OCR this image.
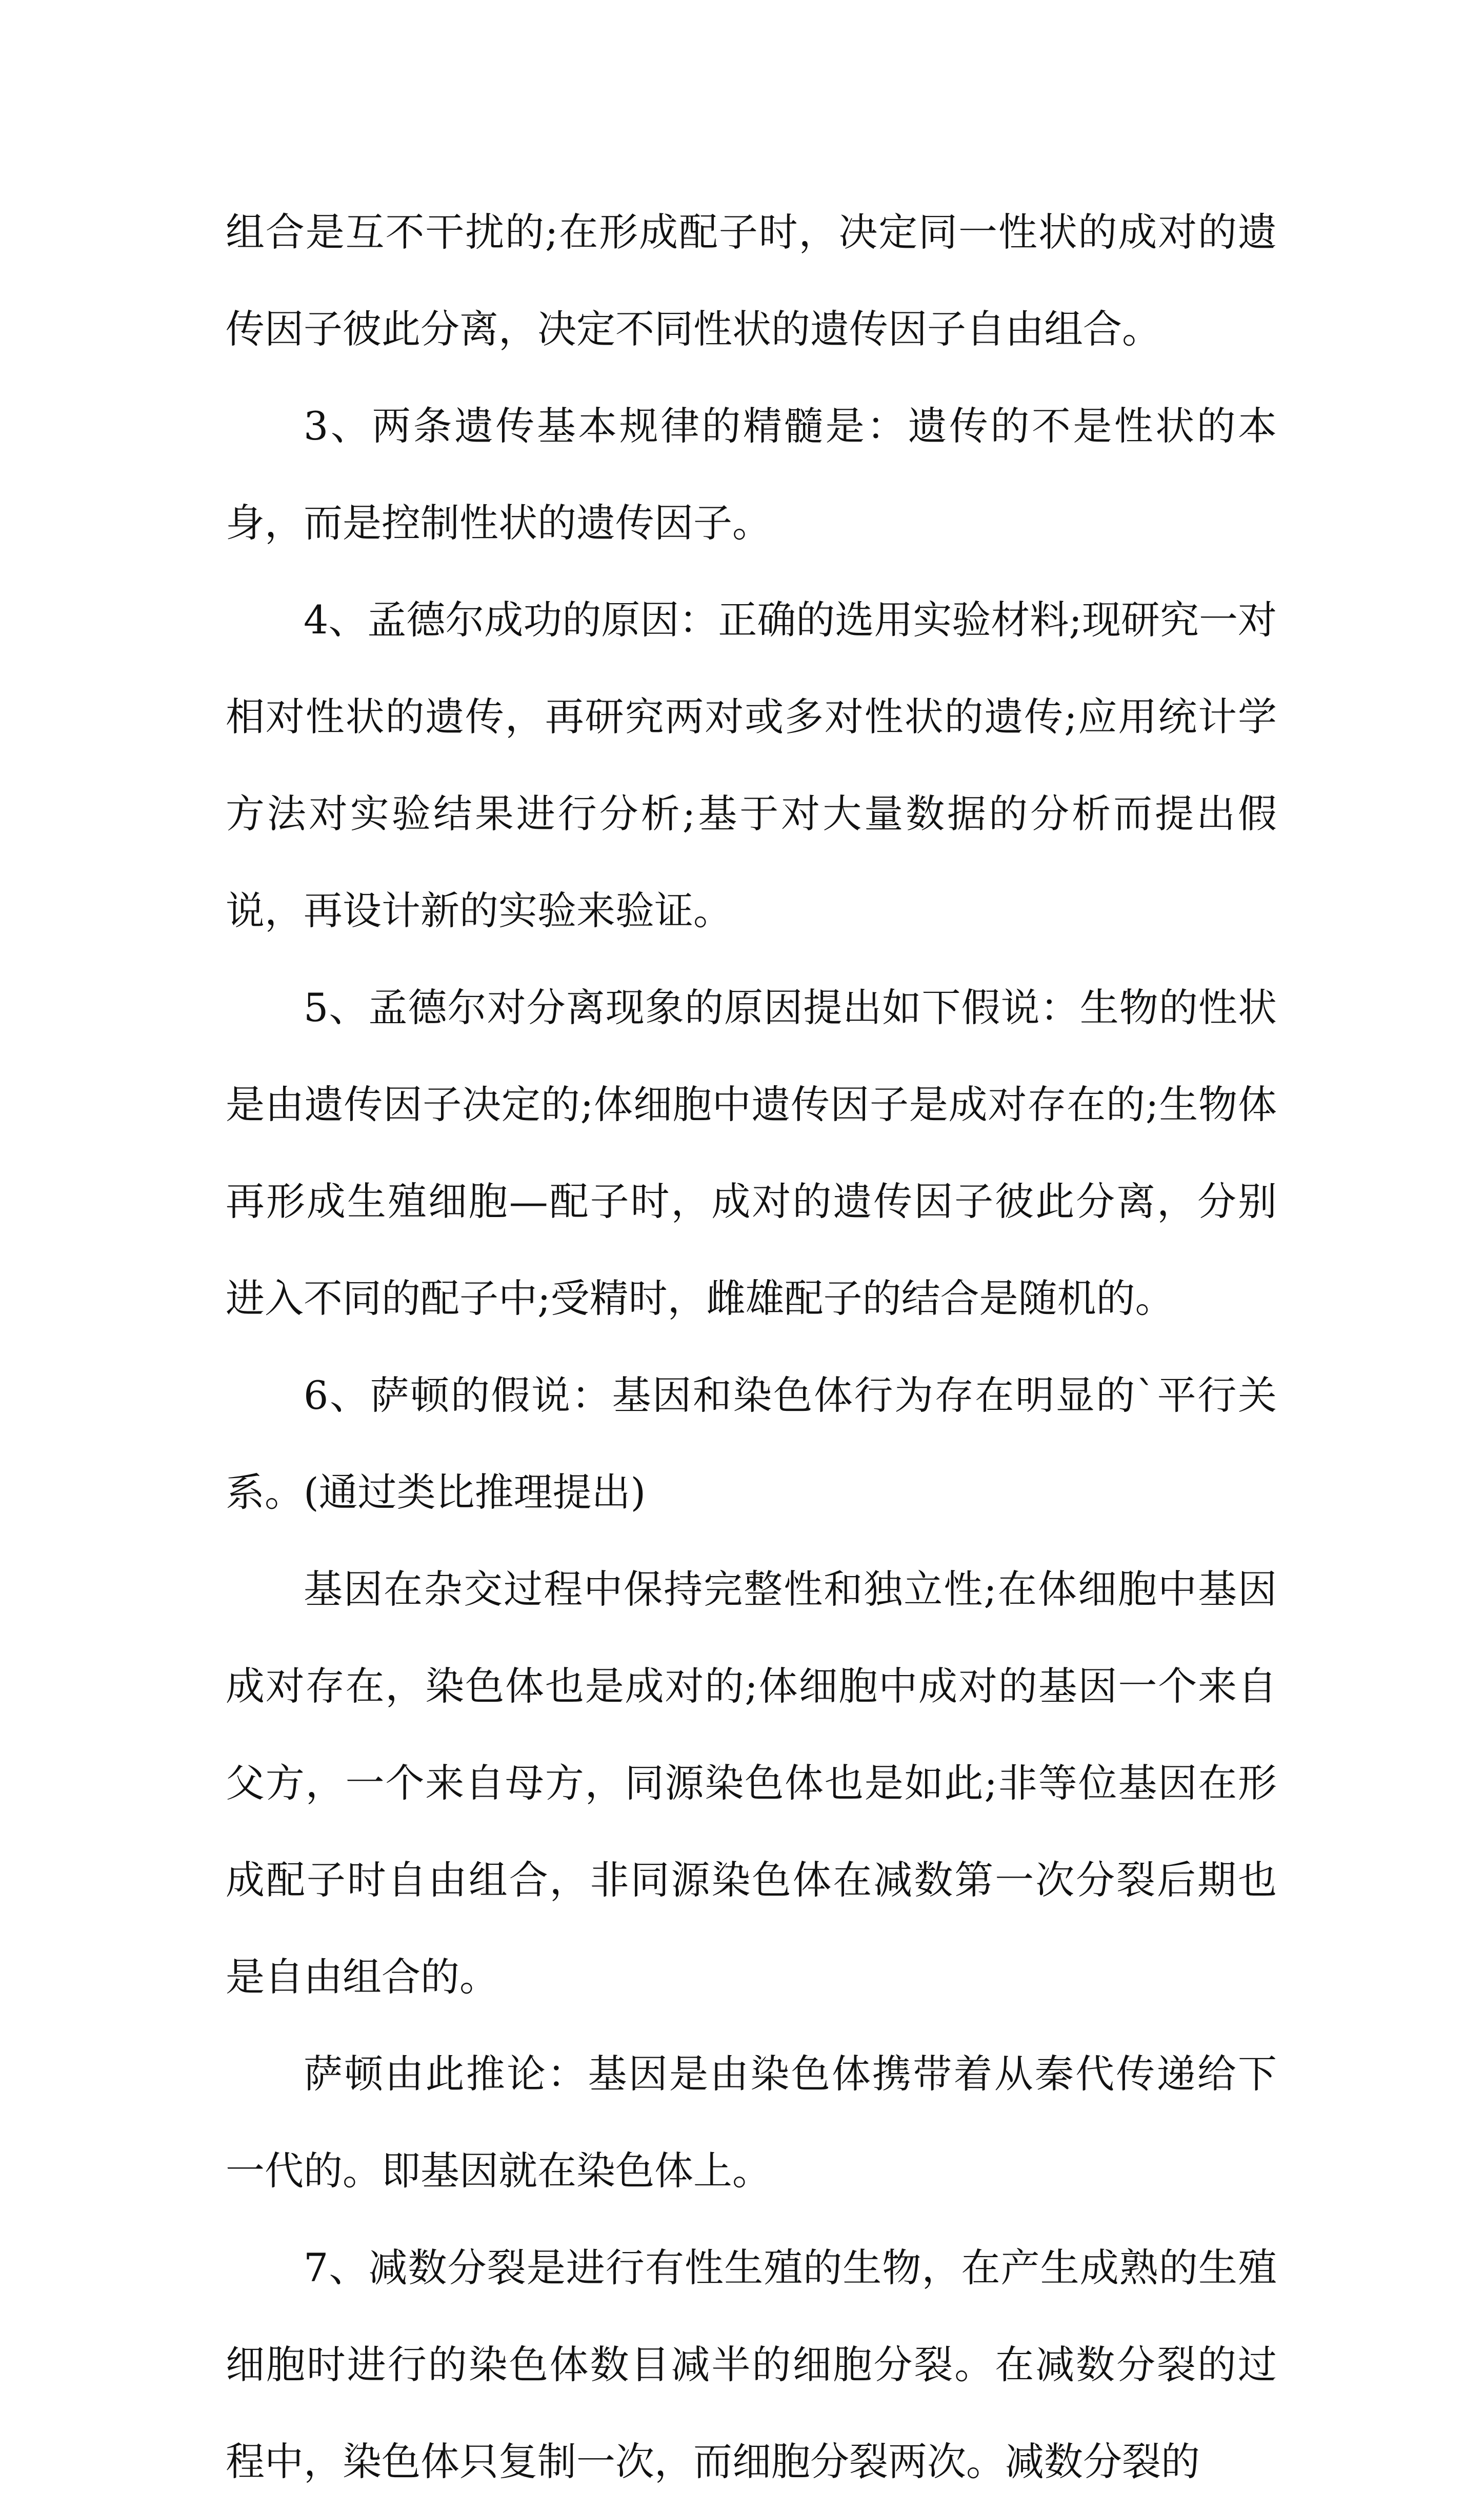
组合是互不干扰的;在形成配子时，决定同一性状的成对的遗传因子彼此分离，决定不同性状的遗传因子自由组合。

3、两条遗传基本规律的精髓是：遗传的不是性状的本身，而是控制性状的遗传因子。

4、孟德尔成功的原因：正确的选用实验材料;现研究一对相对性状的遗传，再研究两对或多对性状的遗传;应用统计学方法对实验结果进行分析;基于对大量数据的分析而提出假说，再设计新的实验来验证。

5、孟德尔对分离现象的原因提出如下假说：生物的性状是由遗传因子决定的;体细胞中遗传因子是成对存在的;生物体再形成生殖细胞—配子时，成对的遗传因子彼此分离，分别进入不同的配子中;受精时，雌雄配子的结合是随机的。

6、萨顿的假说：基因和染色体行为存在明显的`平行关系。(通过类比推理提出)

基因在杂交过程中保持完整性和独立性;在体细胞中基因成对存在，染色体也是成对的;体细胞中成对的基因一个来自父方，一个来自母方，同源染色体也是如此;非等位基因在形成配子时自由组合，非同源染色体在减数第一次分裂后期也是自由组合的。

萨顿由此推论：基因是由染色体携带着从秦代传递给下一代的。即基因就在染色体上。

7、减数分裂是进行有性生殖的生物，在产生成熟的生殖细胞时进行的染色体数目减半的细胞分裂。在减数分裂的过程中，染色体只复制一次，而细胞分裂两次。减数分裂的
